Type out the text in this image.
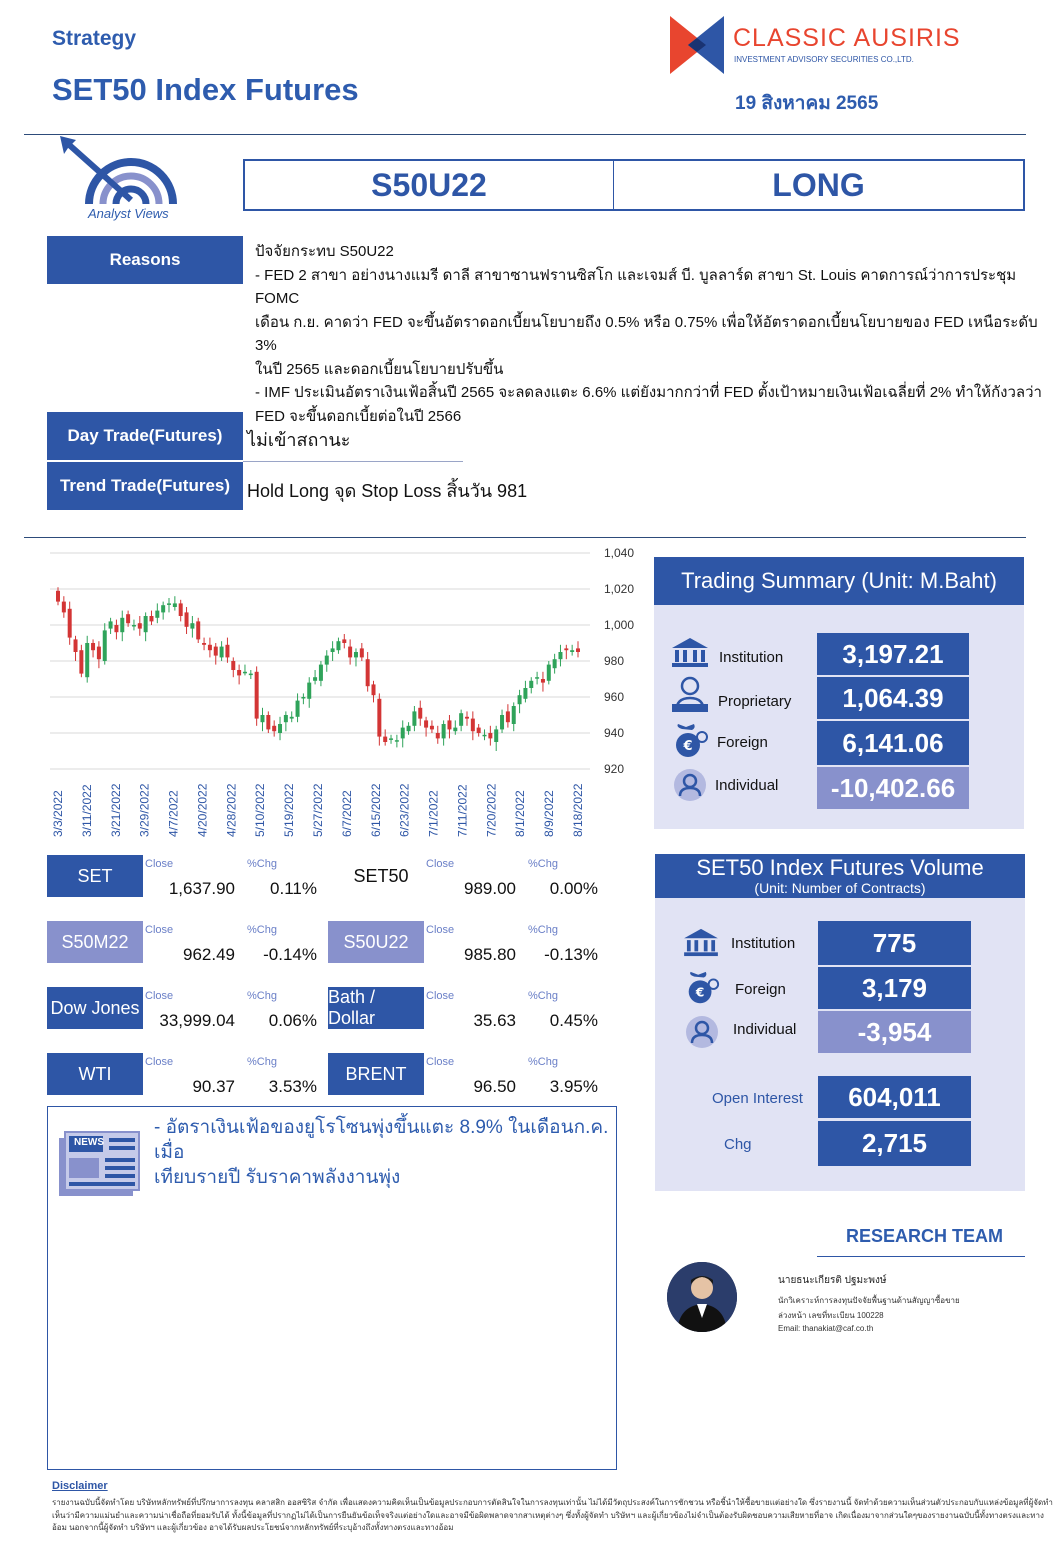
Strategy
SET50 Index Futures
CLASSIC AUSIRIS
INVESTMENT ADVISORY SECURITIES CO.,LTD.
19 สิงหาคม 2565
Analyst Views
S50U22	LONG
Reasons	ปัจจัยกระทบ S50U22
- FED 2 สาขา อย่างนางแมรี ดาลี สาขาซานฟรานซิสโก และเจมส์ บี. บูลลาร์ด สาขา St. Louis คาดการณ์ว่าการประชุม FOMC
เดือน ก.ย. คาดว่า FED จะขึ้นอัตราดอกเบี้ยนโยบายถึง 0.5% หรือ 0.75% เพื่อให้อัตราดอกเบี้ยนโยบายของ FED เหนือระดับ 3%
ในปี 2565 และดอกเบี้ยนโยบายปรับขึ้น
- IMF ประเมินอัตราเงินเฟ้อสิ้นปี 2565 จะลดลงแตะ 6.6% แต่ยังมากกว่าที่ FED ตั้งเป้าหมายเงินเฟ้อเฉลี่ยที่ 2% ทำให้กังวลว่า
FED จะขึ้นดอกเบี้ยต่อในปี 2566
Day Trade(Futures)	ไม่เข้าสถานะ
Trend Trade(Futures) Hold Long จุด Stop Loss สิ้นวัน 981
1,040
1,020
1,000
980
960
940
920
3/3/2022 3/11/2022 3/21/2022 3/29/2022 4/7/2022 4/20/2022 4/28/2022 5/10/2022 5/19/2022 5/27/2022 6/7/2022 6/15/2022 6/23/2022 7/1/2022 7/11/2022 7/20/2022 8/1/2022 8/9/2022 8/18/2022
Trading Summary (Unit: M.Baht)
Institution	3,197.21
Proprietary	1,064.39
€ Foreign	6,141.06
Individual	-10,402.66
SET
Close	%Chg
1,637.90	0.11%
SET50
Close	%Chg
989.00	0.00%
S50M22
Close	%Chg
962.49	-0.14%
S50U22
Close	%Chg
985.80	-0.13%
Dow Jones
Close	%Chg
33,999.04	0.06%
Bath / Dollar
Close	%Chg
35.63	0.45%
WTI
Close	%Chg
90.37	3.53%
BRENT
Close	%Chg
96.50	3.95%
SET50 Index Futures Volume
(Unit: Number of Contracts)
Institution	775
€ Foreign	3,179
Individual	-3,954
Open Interest	604,011
Chg	2,715
NEWS
- อัตราเงินเฟ้อของยูโรโซนพุ่งขึ้นแตะ 8.9% ในเดือนก.ค. เมื่อ
เทียบรายปี รับราคาพลังงานพุ่ง
RESEARCH TEAM
นายธนะเกียรติ ปฐมะพงษ์
นักวิเคราะห์การลงทุนปัจจัยพื้นฐานด้านสัญญาซื้อขาย
ล่วงหน้า เลขที่ทะเบียน 100228
Email: thanakiat@caf.co.th
Disclaimer
รายงานฉบับนี้จัดทำโดย บริษัทหลักทรัพย์ที่ปรึกษาการลงทุน คลาสสิก ออสซิริส จำกัด เพื่อแสดงความคิดเห็นเป็นข้อมูลประกอบการตัดสินใจในการลงทุนเท่านั้น ไม่ได้มีวัตถุประสงค์ในการชักชวน หรือชี้นำให้ซื้อขายแต่อย่างใด ซึ่งรายงานนี้ จัดทำด้วยความเห็นส่วนตัวประกอบกับแหล่งข้อมูลที่ผู้จัดทำเห็นว่ามีความแม่นยำและความน่าเชื่อถือที่ยอมรับได้ ทั้งนี้ข้อมูลที่ปรากฏไม่ได้เป็นการยืนยันข้อเท็จจริงแต่อย่างใดและอาจมีข้อผิดพลาดจากสาเหตุต่างๆ ซึ่งทั้งผู้จัดทำ บริษัทฯ และผู้เกี่ยวข้องไม่จำเป็นต้องรับผิดชอบความเสียหายที่อาจ เกิดเนื่องมาจากส่วนใดๆของรายงานฉบับนี้ทั้งทางตรงและทางอ้อม นอกจากนี้ผู้จัดทำ บริษัทฯ และผู้เกี่ยวข้อง อาจได้รับผลประโยชน์จากหลักทรัพย์ที่ระบุอ้างถึงทั้งทางตรงและทางอ้อม
